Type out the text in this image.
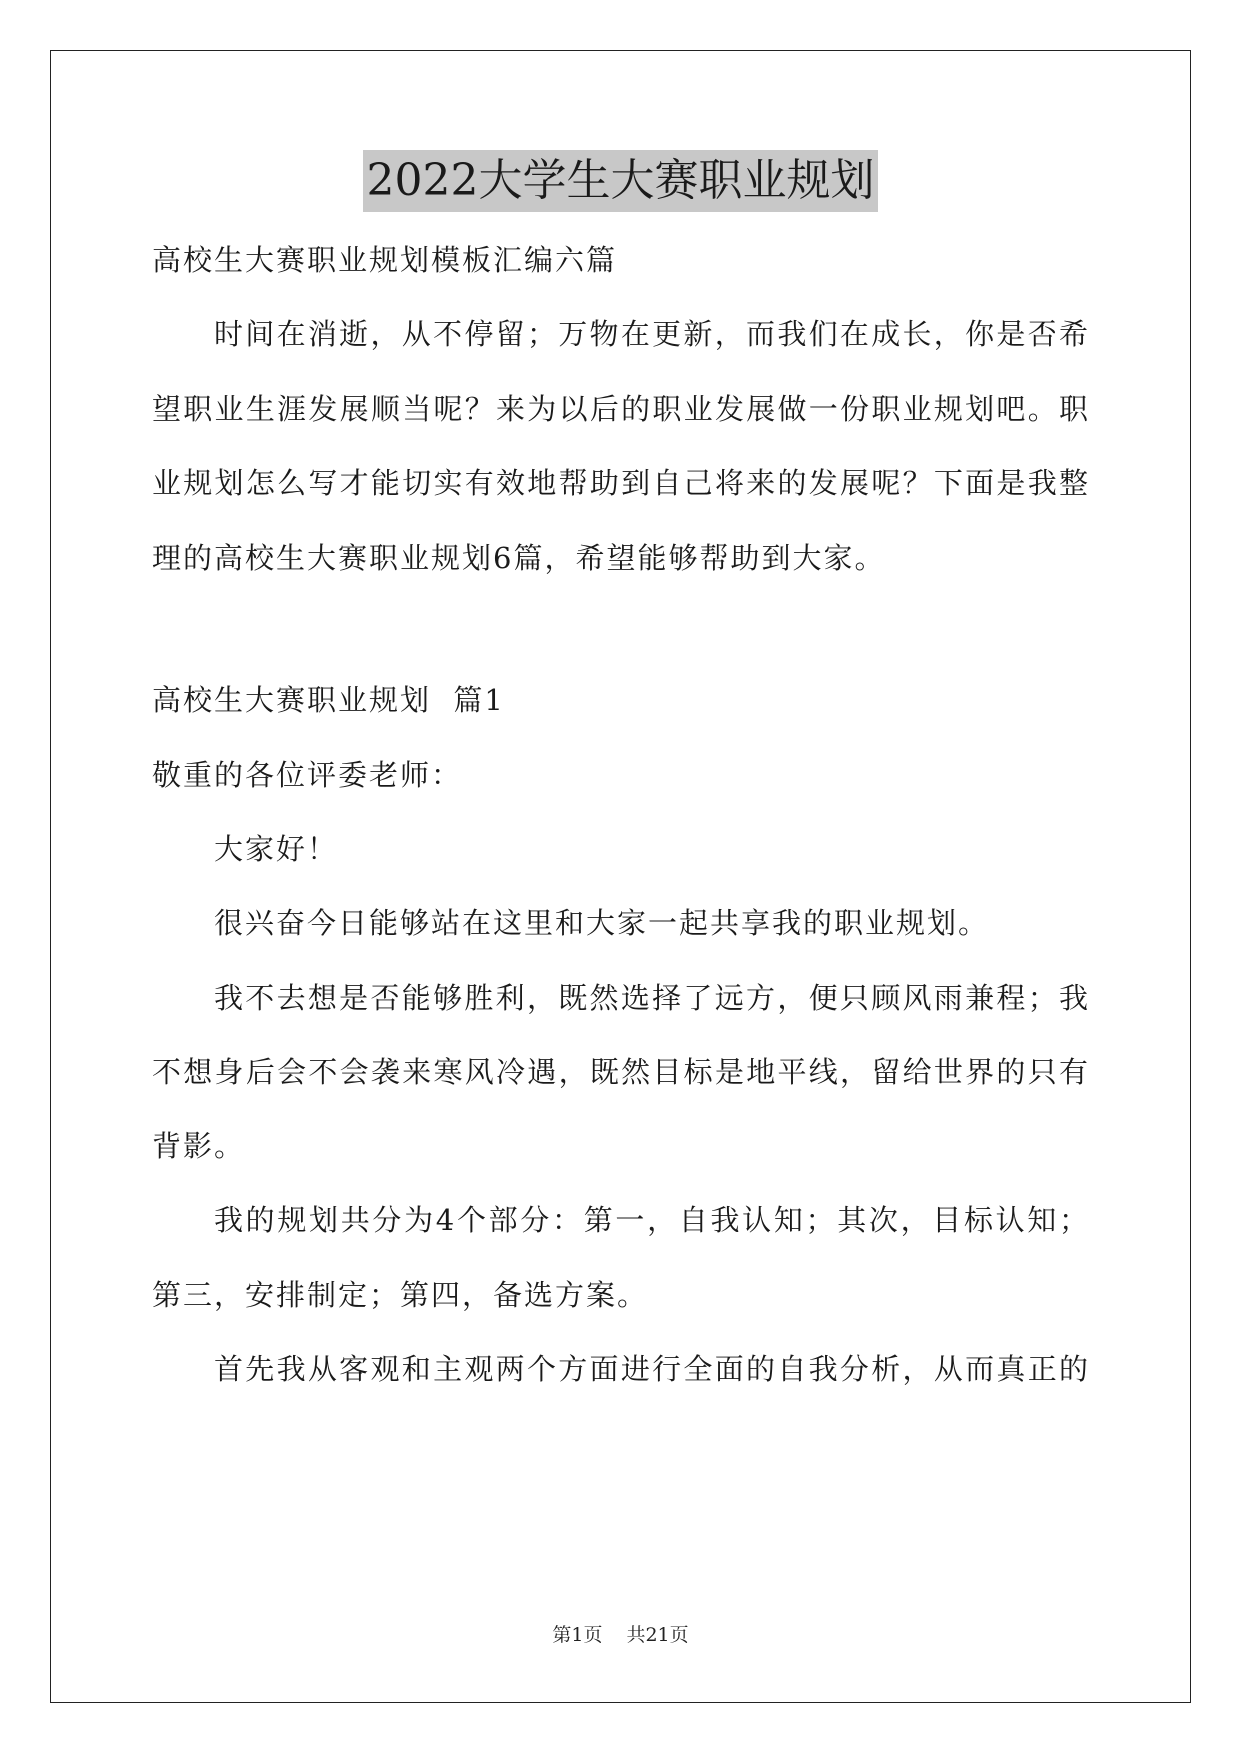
2022大学生大赛职业规划
高校生大赛职业规划模板汇编六篇
时间在消逝，从不停留；万物在更新，而我们在成长，你是否希
望职业生涯发展顺当呢？来为以后的职业发展做一份职业规划吧。职
业规划怎么写才能切实有效地帮助到自己将来的发展呢？下面是我整
理的高校生大赛职业规划6篇，希望能够帮助到大家。
高校生大赛职业规划  篇1
敬重的各位评委老师：
大家好！
很兴奋今日能够站在这里和大家一起共享我的职业规划。
我不去想是否能够胜利，既然选择了远方，便只顾风雨兼程；我
不想身后会不会袭来寒风冷遇，既然目标是地平线，留给世界的只有
背影。
我的规划共分为4个部分：第一，自我认知；其次，目标认知；
第三，安排制定；第四，备选方案。
首先我从客观和主观两个方面进行全面的自我分析，从而真正的
第1页 共21页
